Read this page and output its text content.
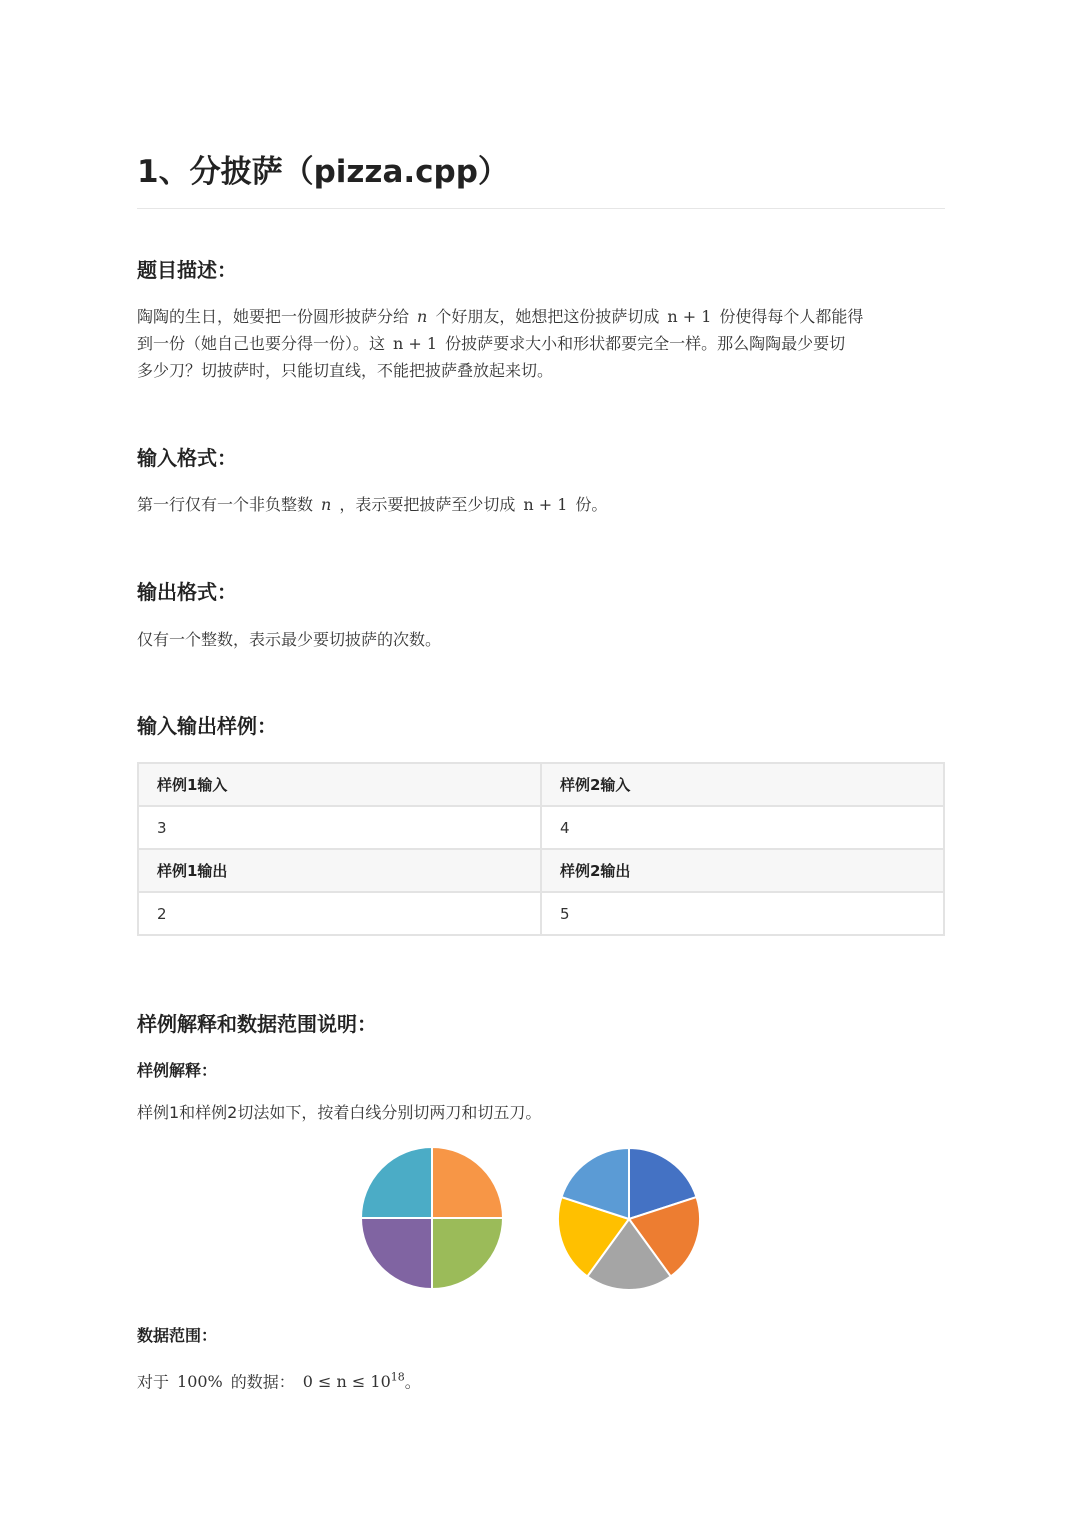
1、分披萨（pizza.cpp）
题目描述：

陶陶的生日，她要把一份圆形披萨分给 n 个好朋友，她想把这份披萨切成 n + 1 份使得每个人都能得
到一份（她自己也要分得一份）。这 n + 1 份披萨要求大小和形状都要完全一样。那么陶陶最少要切
多少刀？切披萨时，只能切直线，不能把披萨叠放起来切。

输入格式：

第一行仅有一个非负整数 n ，表示要把披萨至少切成 n + 1 份。

输出格式：

仅有一个整数，表示最少要切披萨的次数。

输入输出样例：
样例1输入	样例2输入
3	4
样例1输出	样例2输出
2	5
样例解释和数据范围说明：
样例解释：

样例1和样例2切法如下，按着白线分别切两刀和切五刀。

数据范围：

对于 100% 的数据： $0 \le n \le 10^{18}$。
